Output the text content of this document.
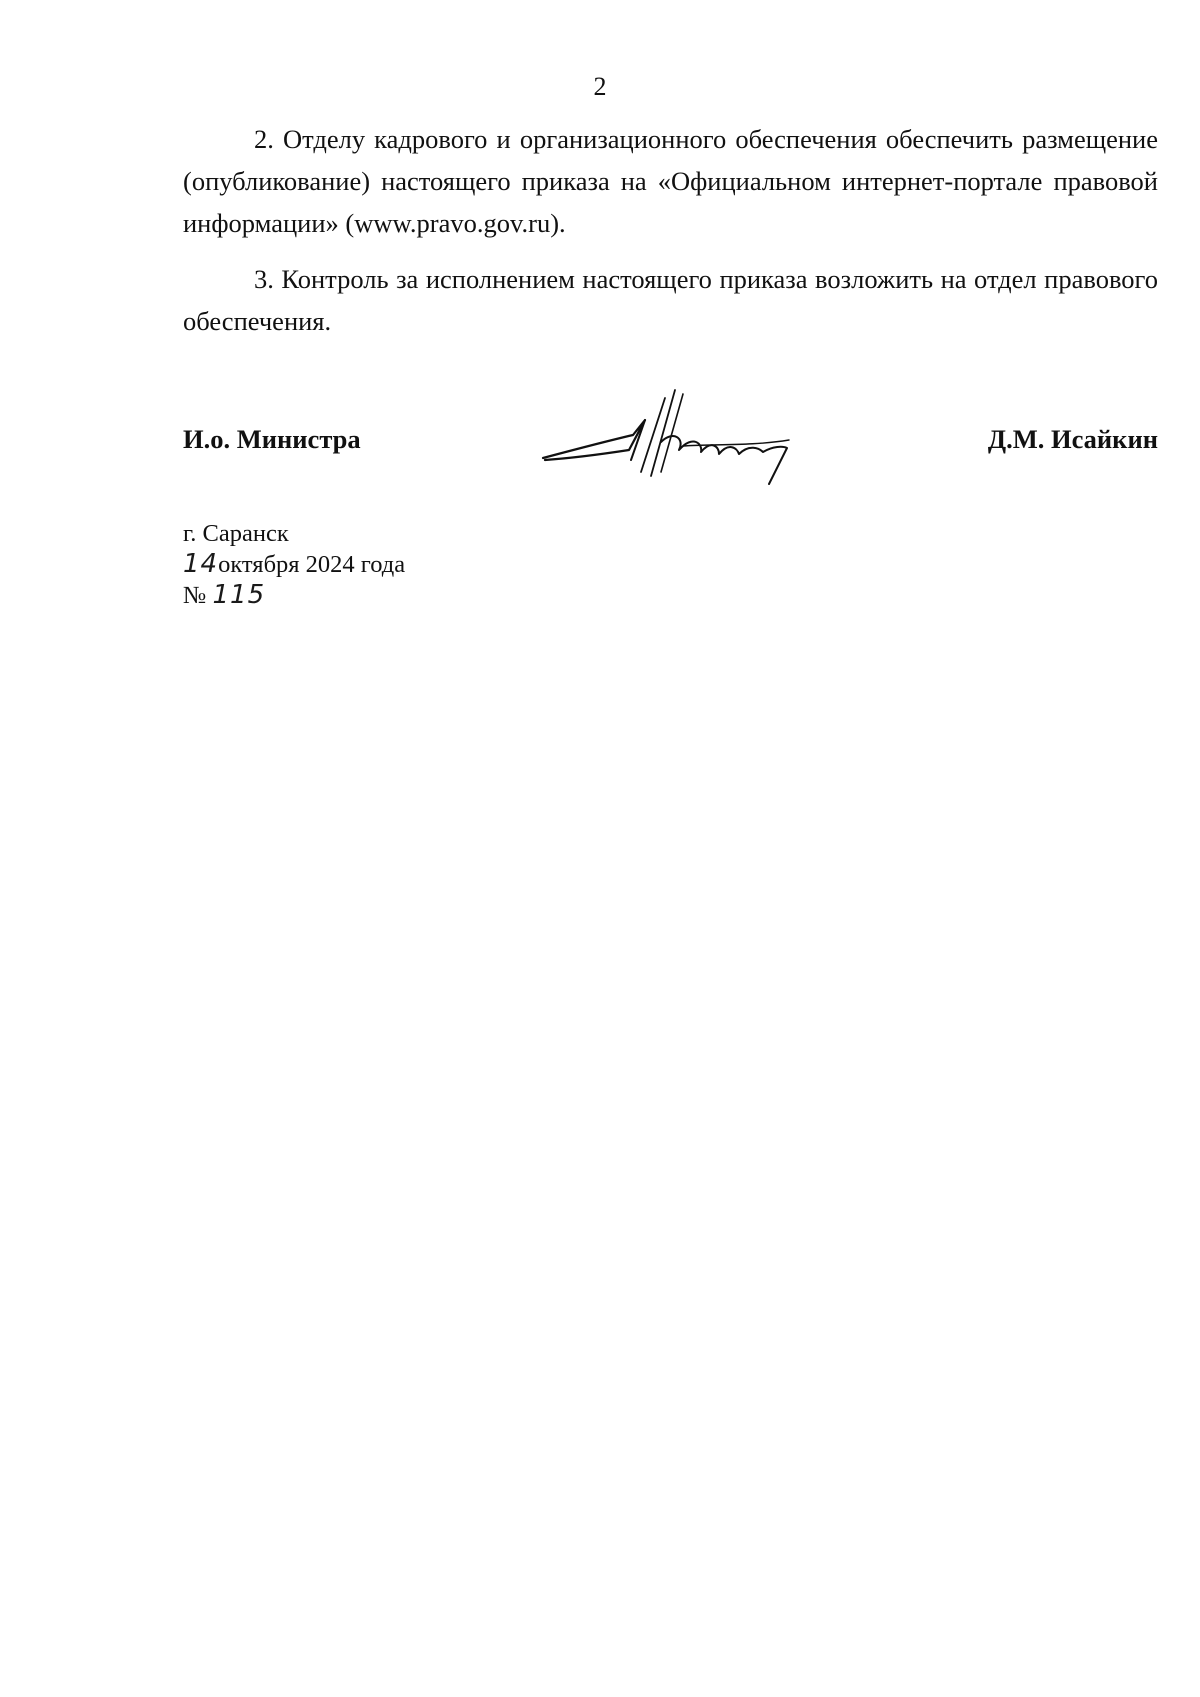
2

2. Отделу кадрового и организационного обеспечения обеспечить размещение (опубликование) настоящего приказа на «Официальном интернет-портале правовой информации» (www.pravo.gov.ru).

3. Контроль за исполнением настоящего приказа возложить на отдел правового обеспечения.

И.о. Министра	Д.М. Исайкин
г. Саранск
14октября 2024 года
№ 115
